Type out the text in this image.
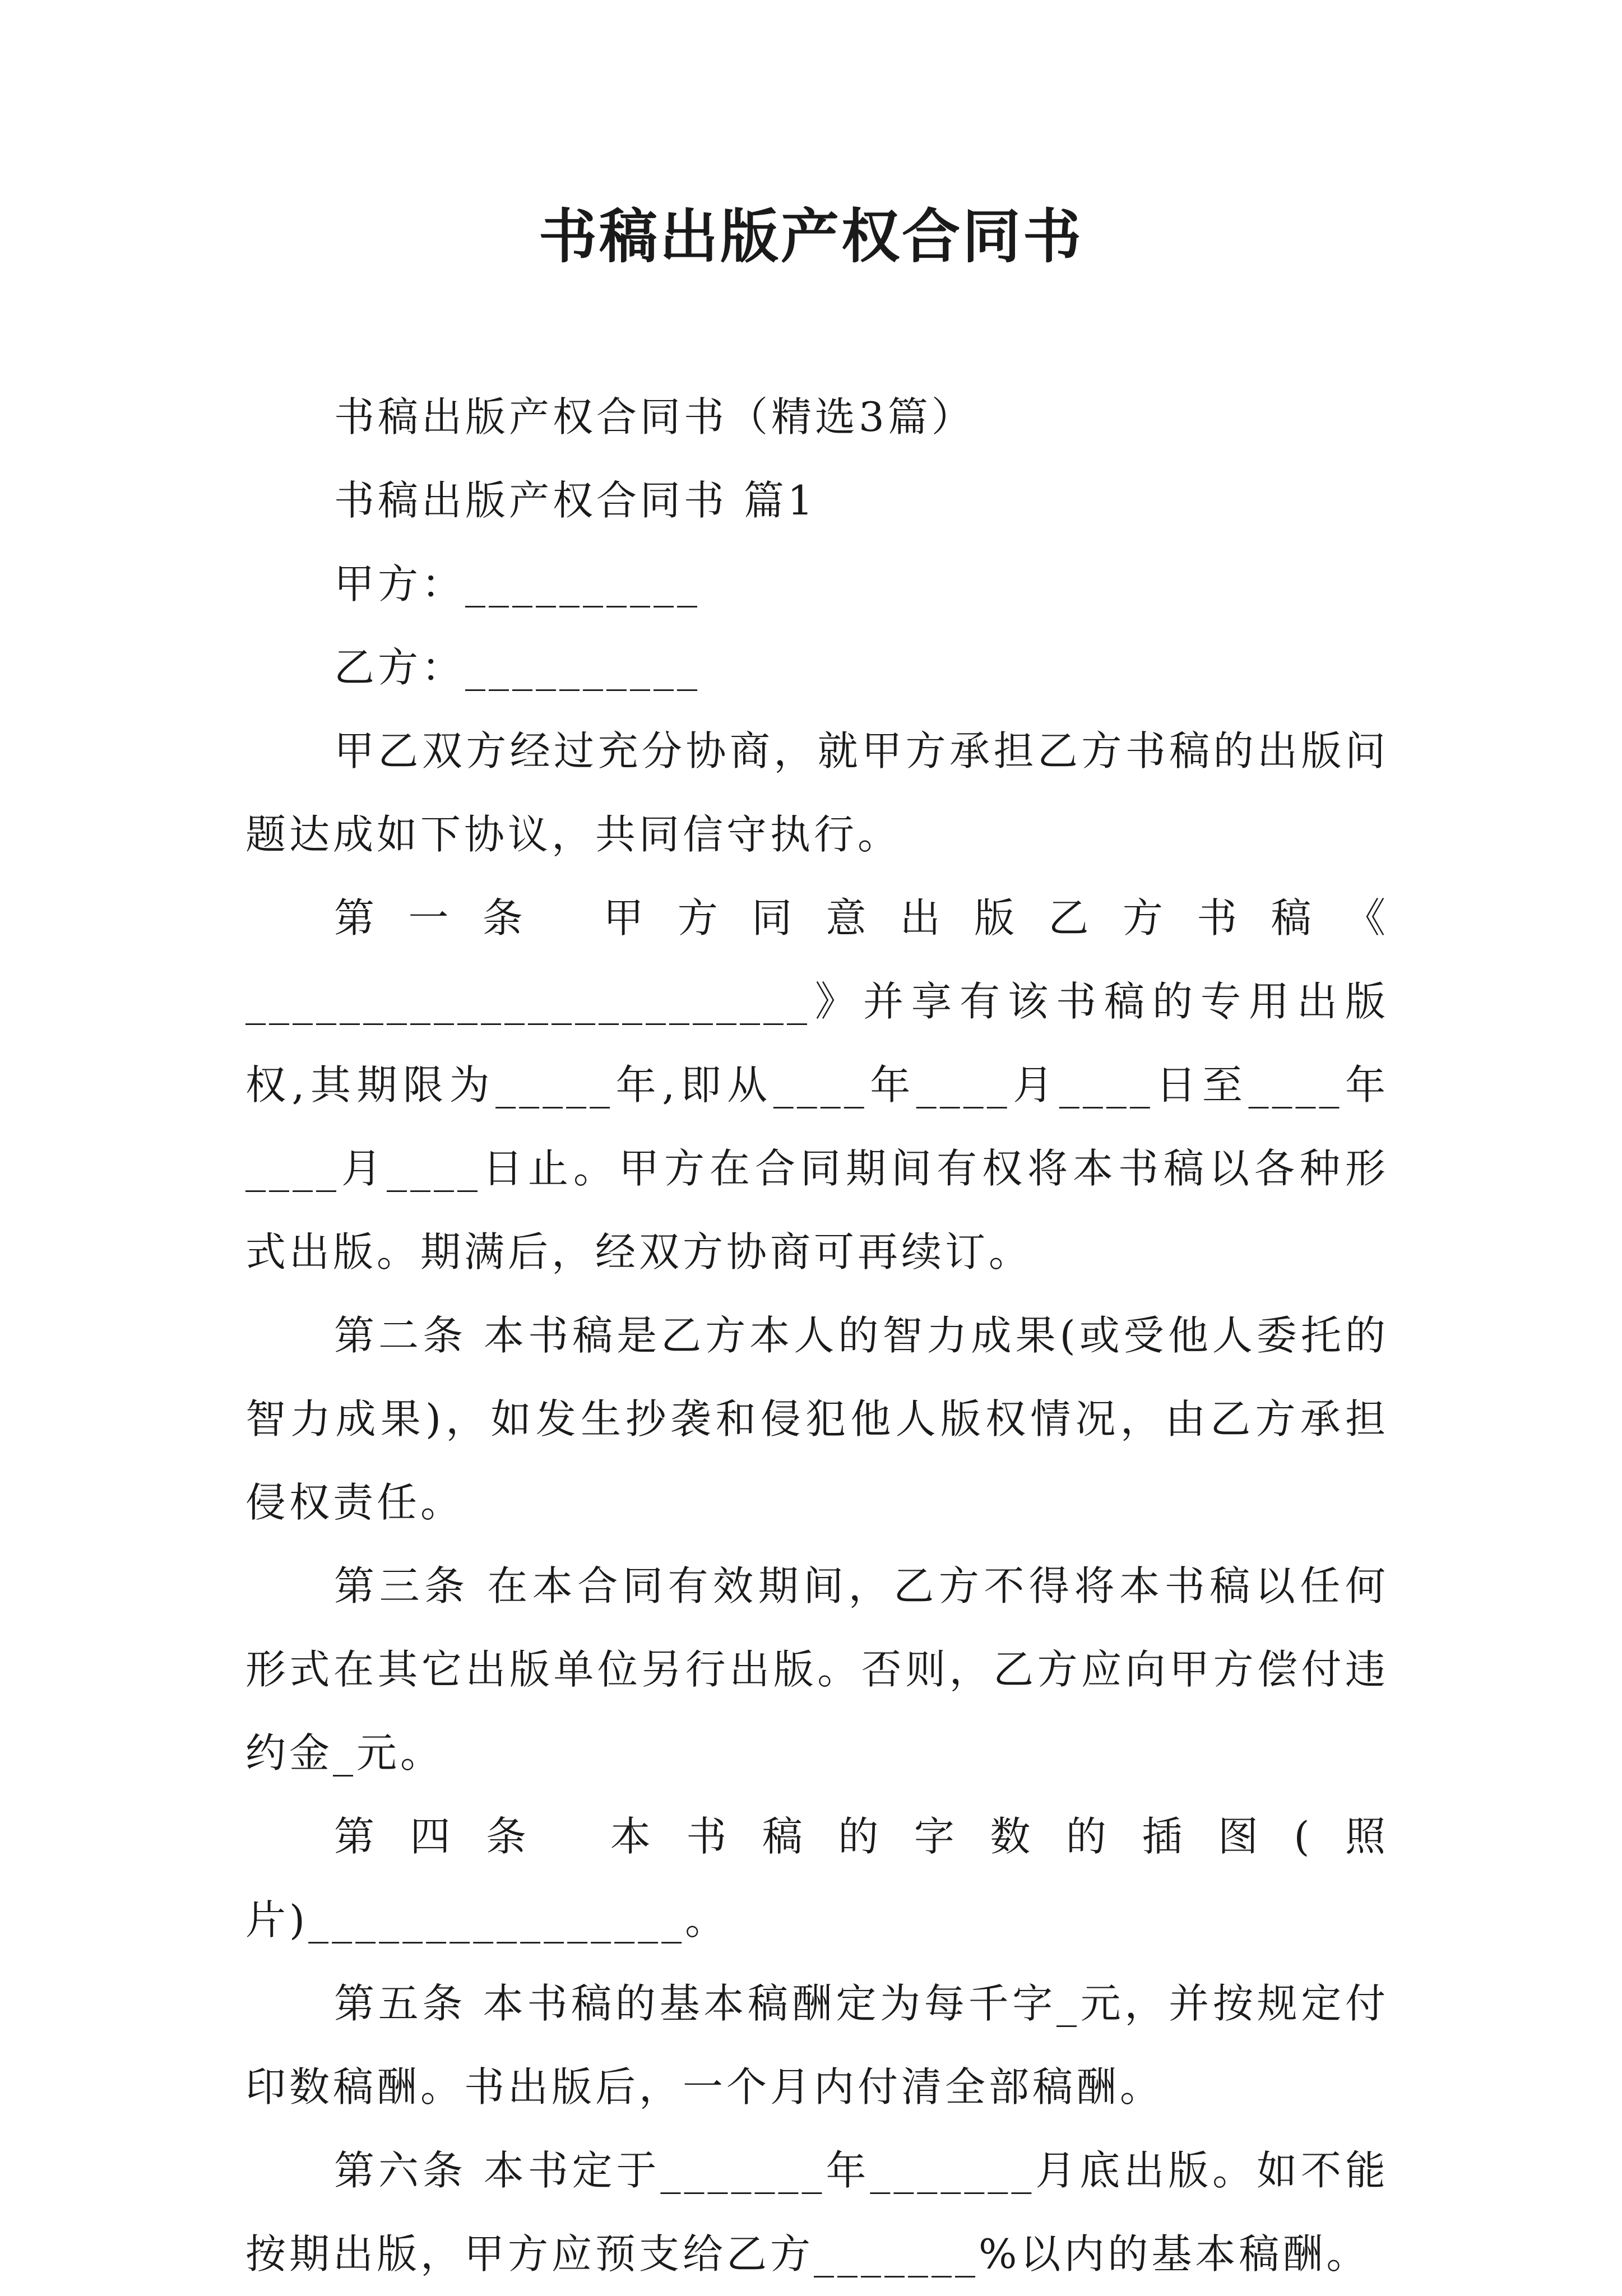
书稿出版产权合同书

书稿出版产权合同书（精选3篇）

书稿出版产权合同书 篇1

甲方：__________

乙方：__________

甲乙双方经过充分协商，就甲方承担乙方书稿的出版问题达成如下协议，共同信守执行。

第一条 甲方同意出版乙方书稿《 ________________________》并享有该书稿的专用出版权,其期限为_____年,即从____年____月____日至____年____月____日止。甲方在合同期间有权将本书稿以各种形式出版。期满后，经双方协商可再续订。

第二条 本书稿是乙方本人的智力成果(或受他人委托的智力成果)，如发生抄袭和侵犯他人版权情况，由乙方承担侵权责任。

第三条 在本合同有效期间，乙方不得将本书稿以任何形式在其它出版单位另行出版。否则，乙方应向甲方偿付违约金_元。

第四条 本书稿的字数的插图(照片)________________。

第五条 本书稿的基本稿酬定为每千字_元，并按规定付印数稿酬。书出版后，一个月内付清全部稿酬。

第六条 本书定于_______年_______月底出版。如不能按期出版，甲方应预支给乙方_______%以内的基本稿酬。
